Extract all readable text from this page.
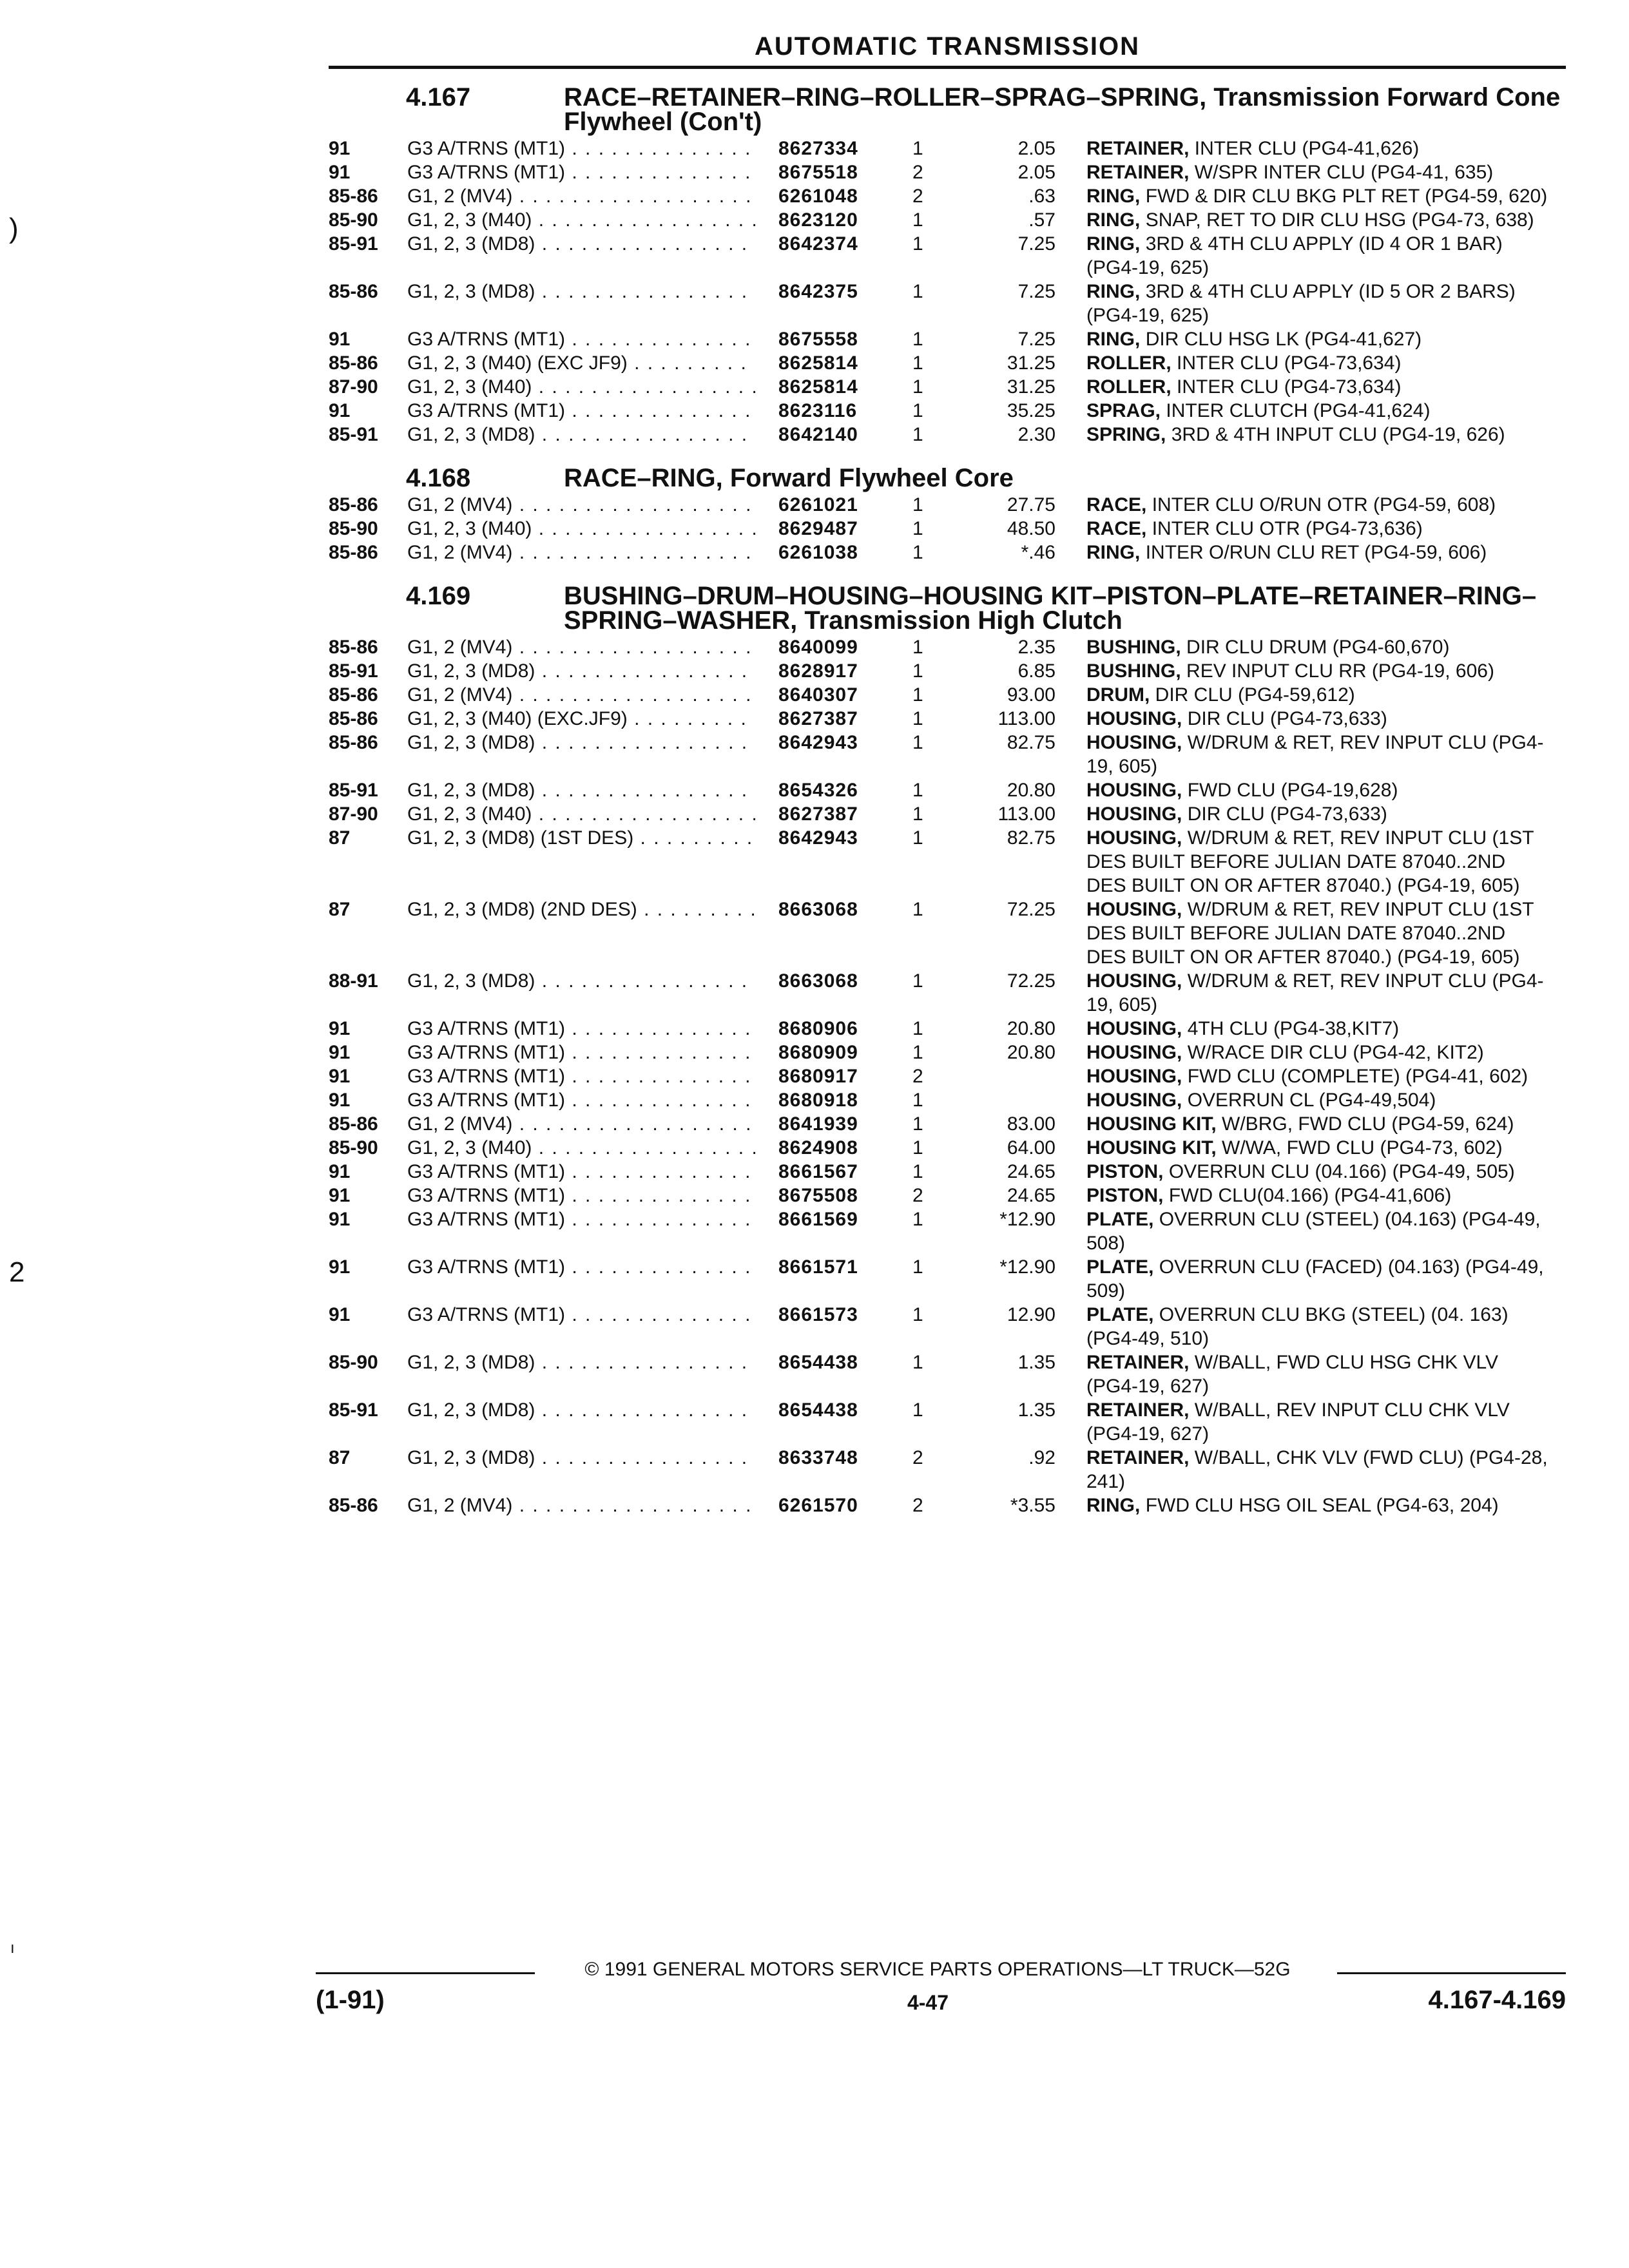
AUTOMATIC TRANSMISSION
)
2
ı
4.167	RACE–RETAINER–RING–ROLLER–SPRAG–SPRING, Transmission Forward Cone Flywheel (Con't)
91	G3 A/TRNS (MT1) . . .	8627334	1	2.05 RETAINER, INTER CLU (PG4-41,626)
91	G3 A/TRNS (MT1) . . .	8675518	2	2.05 RETAINER, W/SPR INTER CLU (PG4-41, 635)
85-86 G1, 2 (MV4) . . .	6261048	2	.63 RING, FWD & DIR CLU BKG PLT RET (PG4-59, 620)
85-90 G1, 2, 3 (M40) . . .	8623120	1	.57 RING, SNAP, RET TO DIR CLU HSG (PG4-73, 638)
85-91 G1, 2, 3 (MD8) . . .	8642374	1	7.25 RING, 3RD & 4TH CLU APPLY (ID 4 OR 1 BAR) (PG4-19, 625)
85-86 G1, 2, 3 (MD8) . . .	8642375	1	7.25 RING, 3RD & 4TH CLU APPLY (ID 5 OR 2 BARS) (PG4-19, 625)
91	G3 A/TRNS (MT1) . . .	8675558	1	7.25 RING, DIR CLU HSG LK (PG4-41,627)
85-86 G1, 2, 3 (M40) (EXC JF9) . . .	8625814	1	31.25 ROLLER, INTER CLU (PG4-73,634)
87-90 G1, 2, 3 (M40) . . .	8625814	1	31.25 ROLLER, INTER CLU (PG4-73,634)
91	G3 A/TRNS (MT1) . . .	8623116	1	35.25 SPRAG, INTER CLUTCH (PG4-41,624)
85-91 G1, 2, 3 (MD8) . . .	8642140	1	2.30 SPRING, 3RD & 4TH INPUT CLU (PG4-19, 626)
4.168	RACE–RING, Forward Flywheel Core
85-86 G1, 2 (MV4) . . .	6261021	1	27.75 RACE, INTER CLU O/RUN OTR (PG4-59, 608)
85-90 G1, 2, 3 (M40) . . .	8629487	1	48.50 RACE, INTER CLU OTR (PG4-73,636)
85-86 G1, 2 (MV4) . . .	6261038	1	*.46 RING, INTER O/RUN CLU RET (PG4-59, 606)
4.169	BUSHING–DRUM–HOUSING–HOUSING KIT–PISTON–PLATE–RETAINER–RING–SPRING–WASHER, Transmission High Clutch
85-86 G1, 2 (MV4) . . .	8640099	1	2.35 BUSHING, DIR CLU DRUM (PG4-60,670)
85-91 G1, 2, 3 (MD8) . . .	8628917	1	6.85 BUSHING, REV INPUT CLU RR (PG4-19, 606)
85-86 G1, 2 (MV4) . . .	8640307	1	93.00 DRUM, DIR CLU (PG4-59,612)
85-86 G1, 2, 3 (M40) (EXC.JF9) . . .	8627387	1	113.00 HOUSING, DIR CLU (PG4-73,633)
85-86 G1, 2, 3 (MD8) . . .	8642943	1	82.75 HOUSING, W/DRUM & RET, REV INPUT CLU (PG4-19, 605)
85-91 G1, 2, 3 (MD8) . . .	8654326	1	20.80 HOUSING, FWD CLU (PG4-19,628)
87-90 G1, 2, 3 (M40) . . .	8627387	1	113.00 HOUSING, DIR CLU (PG4-73,633)
87	G1, 2, 3 (MD8) (1ST DES) . . .	8642943	1	82.75 HOUSING, W/DRUM & RET, REV INPUT CLU (1ST DES BUILT BEFORE JULIAN DATE 87040..2ND DES BUILT ON OR AFTER 87040.) (PG4-19, 605)
87	G1, 2, 3 (MD8) (2ND DES) . . .	8663068	1	72.25 HOUSING, W/DRUM & RET, REV INPUT CLU (1ST DES BUILT BEFORE JULIAN DATE 87040..2ND DES BUILT ON OR AFTER 87040.) (PG4-19, 605)
88-91 G1, 2, 3 (MD8) . . .	8663068	1	72.25 HOUSING, W/DRUM & RET, REV INPUT CLU (PG4-19, 605)
91	G3 A/TRNS (MT1) . . .	8680906	1	20.80 HOUSING, 4TH CLU (PG4-38,KIT7)
91	G3 A/TRNS (MT1) . . .	8680909	1	20.80 HOUSING, W/RACE DIR CLU (PG4-42, KIT2)
91	G3 A/TRNS (MT1) . . .	8680917	2	HOUSING, FWD CLU (COMPLETE) (PG4-41, 602)
91	G3 A/TRNS (MT1) . . .	8680918	1	HOUSING, OVERRUN CL (PG4-49,504)
85-86 G1, 2 (MV4) . . .	8641939	1	83.00 HOUSING KIT, W/BRG, FWD CLU (PG4-59, 624)
85-90 G1, 2, 3 (M40) . . .	8624908	1	64.00 HOUSING KIT, W/WA, FWD CLU (PG4-73, 602)
91	G3 A/TRNS (MT1) . . .	8661567	1	24.65 PISTON, OVERRUN CLU (04.166) (PG4-49, 505)
91	G3 A/TRNS (MT1) . . .	8675508	2	24.65 PISTON, FWD CLU(04.166) (PG4-41,606)
91	G3 A/TRNS (MT1) . . .	8661569	1	*12.90 PLATE, OVERRUN CLU (STEEL) (04.163) (PG4-49, 508)
91	G3 A/TRNS (MT1) . . .	8661571	1	*12.90 PLATE, OVERRUN CLU (FACED) (04.163) (PG4-49, 509)
91	G3 A/TRNS (MT1) . . .	8661573	1	12.90 PLATE, OVERRUN CLU BKG (STEEL) (04. 163) (PG4-49, 510)
85-90 G1, 2, 3 (MD8) . . .	8654438	1	1.35 RETAINER, W/BALL, FWD CLU HSG CHK VLV (PG4-19, 627)
85-91 G1, 2, 3 (MD8) . . .	8654438	1	1.35 RETAINER, W/BALL, REV INPUT CLU CHK VLV (PG4-19, 627)
87	G1, 2, 3 (MD8) . . .	8633748	2	.92 RETAINER, W/BALL, CHK VLV (FWD CLU) (PG4-28, 241)
85-86 G1, 2 (MV4) . . .	6261570	2	*3.55 RING, FWD CLU HSG OIL SEAL (PG4-63, 204)
© 1991 GENERAL MOTORS SERVICE PARTS OPERATIONS—LT TRUCK—52G
(1-91)	4-47	4.167-4.169
